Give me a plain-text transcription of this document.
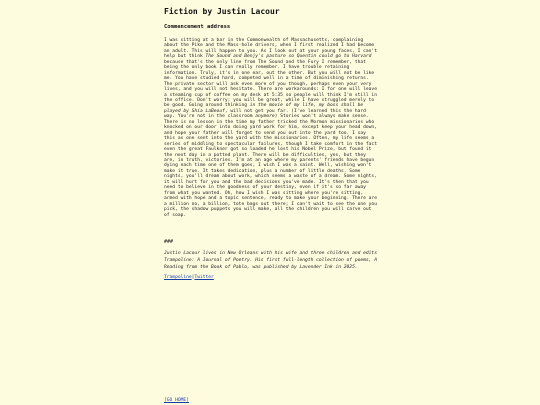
Fiction by Justin Lacour
Commencement address

I was sitting at a bar in the Commonwealth of Massachusetts, complaining about the Pike and the Mass-hole drivers, when I first realized I had become an adult. This will happen to you. As I look out at your young faces, I can't help but think The Sound and Benjy's pasture so Quentin could go to Harvard because that's the only line from The Sound and the Fury I remember, that being the only book I can really remember. I have trouble retaining information. Truly, it's in one ear, out the other. But you will not be like me. You have studied hard, competed well in a time of diminishing returns. The private sector will ask even more of you though, perhaps even your very lives, and you will not hesitate. There are workarounds: I for one will leave a steaming cup of coffee on my desk at 5:35 so people will think I'm still in the office. Don't worry; you will be great, while I have struggled merely to be good. Going around thinking in the movie of my life, my boss shall be played by Shia LaBeouf, will not get you far. (I've learned this the hard way. You're not in the classroom anymore) Stories won't always make sense. There is no lesson in the time my father tricked the Mormon missionaries who knocked on our door into doing yard work for him, except keep your head down, and hope your father will forget to send you out into the yard too. I say this as one sent into the yard with the missionaries. Often, my life seems a series of middling to spectacular failures, though I take comfort in the fact even the great Faulkner got so loaded he lost his Nobel Prize, but found it the next day in a potted plant. There will be difficulties, yes, but they are, in truth, victories. I'm at an age where my parents' friends have begun dying each time one of them goes, I wish I was a saint. Well, wishing won't make it true. It takes dedication, plus a number of little deaths. Some nights, you'll dream about work, which seems a waste of a dream. Some nights, it will hurt for you and the bad decisions you've made. It's then that you need to believe in the goodness of your destiny, even if it's so far away from what you wanted. Oh, how I wish I was sitting where you're sitting, armed with hope and a topic sentence, ready to make your beginning. There are a million no, a billion, tote bags out there; I can't wait to see the one you pick, the shadow puppets you will make, all the children you will carve out of soap.

###

Justin Lacour lives in New Orleans with his wife and three children and edits Trampoline: A Journal of Poetry. His first full-length collection of poems, A Reading from the Book of Pablo, was published by Lavender Ink in 2025.

Trampoline|Twitter

[GO HOME]
